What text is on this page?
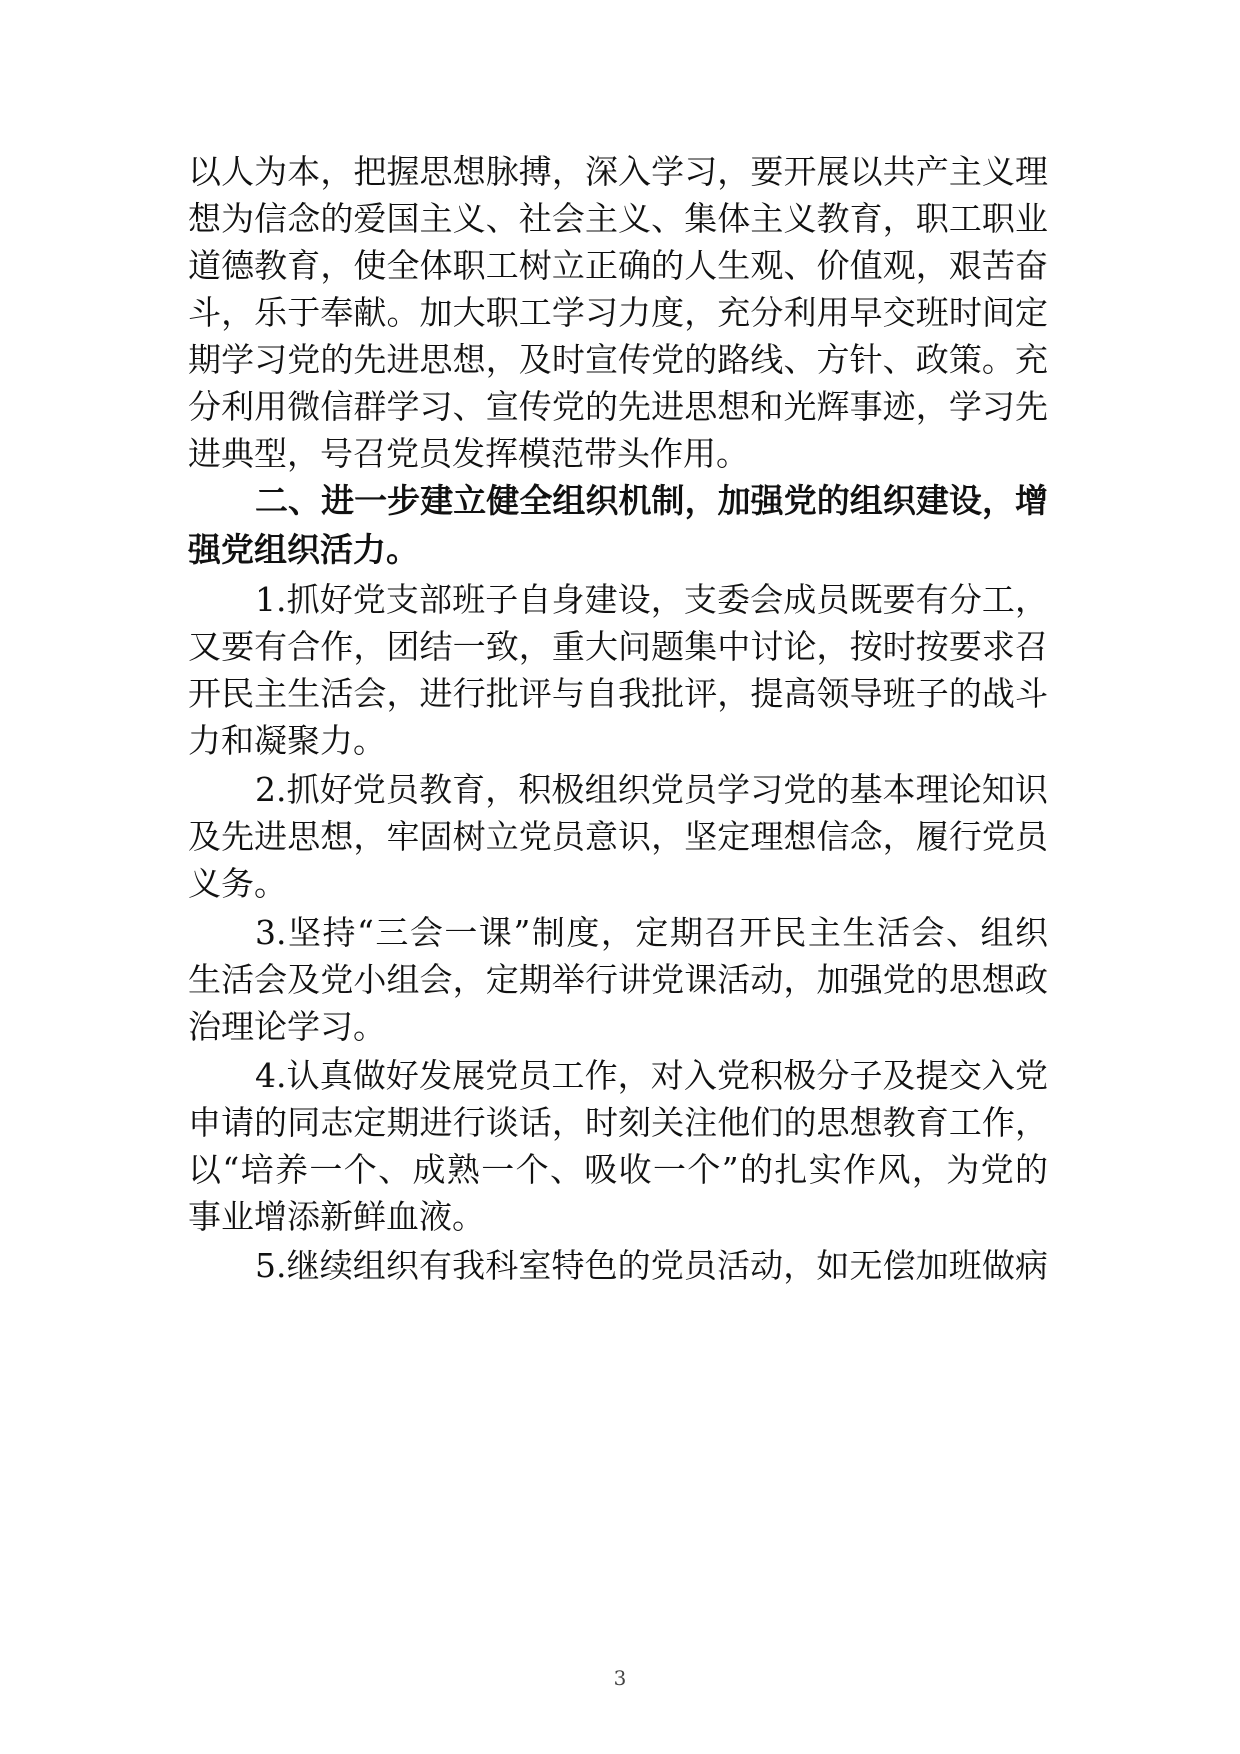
以人为本，把握思想脉搏，深入学习，要开展以共产主义理
想为信念的爱国主义、社会主义、集体主义教育，职工职业
道德教育，使全体职工树立正确的人生观、价值观，艰苦奋
斗，乐于奉献。加大职工学习力度，充分利用早交班时间定
期学习党的先进思想，及时宣传党的路线、方针、政策。充
分利用微信群学习、宣传党的先进思想和光辉事迹，学习先
进典型，号召党员发挥模范带头作用。
二、进一步建立健全组织机制，加强党的组织建设，增
强党组织活力。
1.抓好党支部班子自身建设，支委会成员既要有分工，
又要有合作，团结一致，重大问题集中讨论，按时按要求召
开民主生活会，进行批评与自我批评，提高领导班子的战斗
力和凝聚力。
2.抓好党员教育，积极组织党员学习党的基本理论知识
及先进思想，牢固树立党员意识，坚定理想信念，履行党员
义务。
3.坚持“三会一课”制度，定期召开民主生活会、组织
生活会及党小组会，定期举行讲党课活动，加强党的思想政
治理论学习。
4.认真做好发展党员工作，对入党积极分子及提交入党
申请的同志定期进行谈话，时刻关注他们的思想教育工作，
以“培养一个、成熟一个、吸收一个”的扎实作风，为党的
事业增添新鲜血液。
5.继续组织有我科室特色的党员活动，如无偿加班做病
3
